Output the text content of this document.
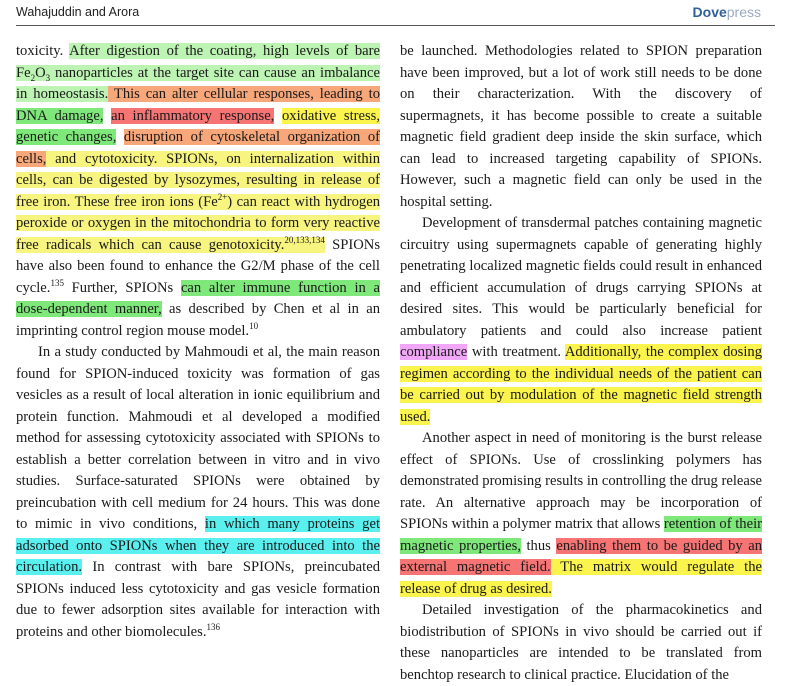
Wahajuddin and Arora	Dovepress

toxicity. After digestion of the coating, high levels of bare $Fe_2O_3$ nanoparticles at the target site can cause an imbalance in homeostasis. This can alter cellular responses, leading to DNA damage, an inflammatory response, oxidative stress, genetic changes, disruption of cytoskeletal organization of cells, and cytotoxicity. SPIONs, on internalization within cells, can be digested by lysozymes, resulting in release of free iron. These free iron ions $(Fe^{2+})$ can react with hydrogen peroxide or oxygen in the mitochondria to form very reactive free radicals which can cause genotoxicity.$^{20,133,134}$ SPIONs have also been found to enhance the G2/M phase of the cell cycle.$^{135}$ Further, SPIONs can alter immune function in a dose-dependent manner, as described by Chen et al in an imprinting control region mouse model.$^{10}$

In a study conducted by Mahmoudi et al, the main reason found for SPION-induced toxicity was formation of gas vesicles as a result of local alteration in ionic equilibrium and protein function. Mahmoudi et al developed a modified method for assessing cytotoxicity associated with SPIONs to establish a better correlation between in vitro and in vivo studies. Surface-saturated SPIONs were obtained by preincubation with cell medium for 24 hours. This was done to mimic in vivo conditions, in which many proteins get adsorbed onto SPIONs when they are introduced into the circulation. In contrast with bare SPIONs, preincubated SPIONs induced less cytotoxicity and gas vesicle formation due to fewer adsorption sites available for interaction with proteins and other biomolecules.$^{136}$

be launched. Methodologies related to SPION preparation have been improved, but a lot of work still needs to be done on their characterization. With the discovery of supermagnets, it has become possible to create a suitable magnetic field gradient deep inside the skin surface, which can lead to increased targeting capability of SPIONs. However, such a magnetic field can only be used in the hospital setting.

Development of transdermal patches containing magnetic circuitry using supermagnets capable of generating highly penetrating localized magnetic fields could result in enhanced and efficient accumulation of drugs carrying SPIONs at desired sites. This would be particularly beneficial for ambulatory patients and could also increase patient compliance with treatment. Additionally, the complex dosing regimen according to the individual needs of the patient can be carried out by modulation of the magnetic field strength used.

Another aspect in need of monitoring is the burst release effect of SPIONs. Use of crosslinking polymers has demonstrated promising results in controlling the drug release rate. An alternative approach may be incorporation of SPIONs within a polymer matrix that allows retention of their magnetic properties, thus enabling them to be guided by an external magnetic field. The matrix would regulate the release of drug as desired.

Detailed investigation of the pharmacokinetics and biodistribution of SPIONs in vivo should be carried out if these nanoparticles are intended to be translated from benchtop research to clinical practice. Elucidation of the
